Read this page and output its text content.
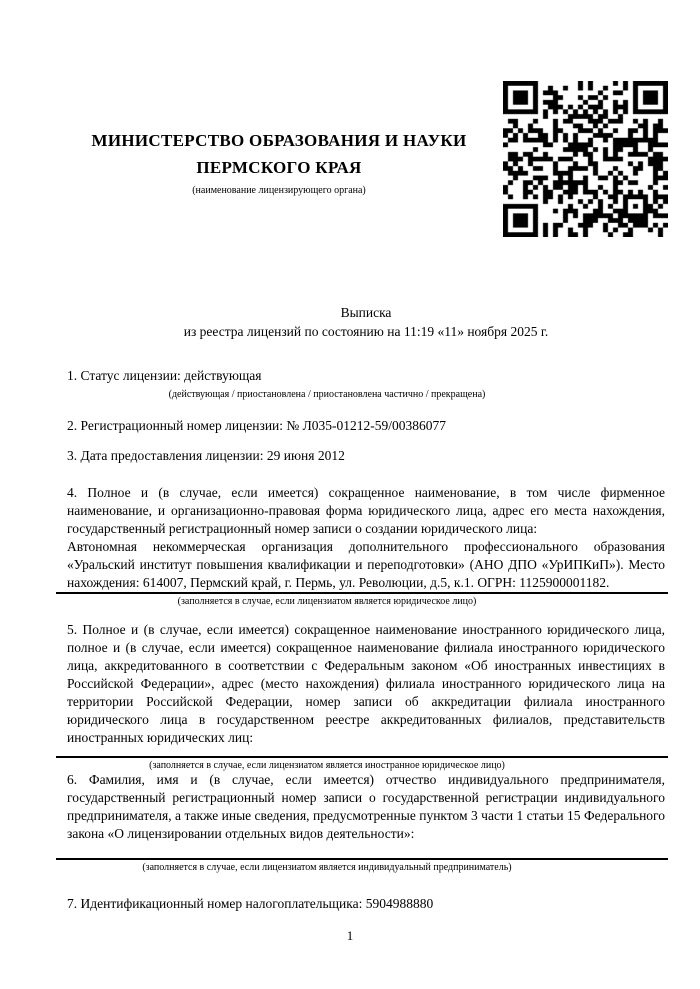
МИНИСТЕРСТВО ОБРАЗОВАНИЯ И НАУКИ

ПЕРМСКОГО КРАЯ

(наименование лицензирующего органа)

Выписка

из реестра лицензий по состоянию на 11:19 «11» ноября 2025 г.

1. Статус лицензии: действующая

(действующая / приостановлена / приостановлена частично / прекращена)

2. Регистрационный номер лицензии: № Л035-01212-59/00386077

3. Дата предоставления лицензии: 29 июня 2012

4. Полное и (в случае, если имеется) сокращенное наименование, в том числе фирменное наименование, и организационно-правовая форма юридического лица, адрес его места нахождения, государственный регистрационный номер записи о создании юридического лица:

Автономная некоммерческая организация дополнительного профессионального образования «Уральский институт повышения квалификации и переподготовки» (АНО ДПО «УрИПКиП»). Место нахождения: 614007, Пермский край, г. Пермь, ул. Революции, д.5, к.1. ОГРН: 1125900001182.

(заполняется в случае, если лицензиатом является юридическое лицо)

5. Полное и (в случае, если имеется) сокращенное наименование иностранного юридического лица, полное и (в случае, если имеется) сокращенное наименование филиала иностранного юридического лица, аккредитованного в соответствии с Федеральным законом «Об иностранных инвестициях в Российской Федерации», адрес (место нахождения) филиала иностранного юридического лица на территории Российской Федерации, номер записи об аккредитации филиала иностранного юридического лица в государственном реестре аккредитованных филиалов, представительств иностранных юридических лиц:

(заполняется в случае, если лицензиатом является иностранное юридическое лицо)

6. Фамилия, имя и (в случае, если имеется) отчество индивидуального предпринимателя, государственный регистрационный номер записи о государственной регистрации индивидуального предпринимателя, а также иные сведения, предусмотренные пунктом 3 части 1 статьи 15 Федерального закона «О лицензировании отдельных видов деятельности»:

(заполняется в случае, если лицензиатом является индивидуальный предприниматель)

7. Идентификационный номер налогоплательщика: 5904988880

1
